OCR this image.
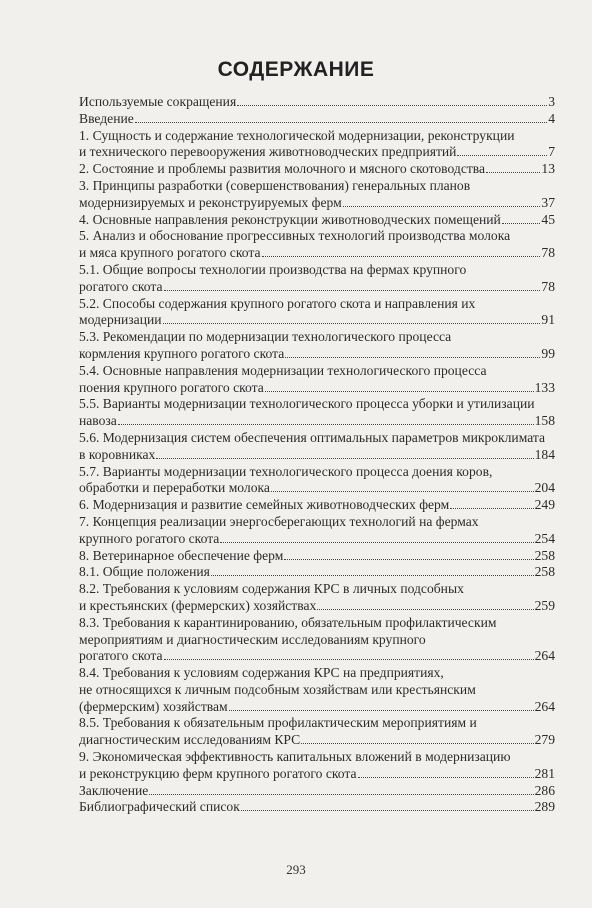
СОДЕРЖАНИЕ
Используемые сокращения	3
Введение	4
1. Сущность и содержание технологической модернизации, реконструкции
и технического перевооружения животноводческих предприятий	7
2. Состояние и проблемы развития молочного и мясного скотоводства	13
3. Принципы разработки (совершенствования) генеральных планов
модернизируемых и реконструируемых ферм	37
4. Основные направления реконструкции животноводческих помещений	45
5. Анализ и обоснование прогрессивных технологий производства молока
и мяса крупного рогатого скота	78
5.1. Общие вопросы технологии производства на фермах крупного
рогатого скота	78
5.2. Способы содержания крупного рогатого скота и направления их
модернизации	91
5.3. Рекомендации по модернизации технологического процесса
кормления крупного рогатого скота	99
5.4. Основные направления модернизации технологического процесса
поения крупного рогатого скота	133
5.5. Варианты модернизации технологического процесса уборки и утилизации
навоза	158
5.6. Модернизация систем обеспечения оптимальных параметров микроклимата
в коровниках	184
5.7. Варианты модернизации технологического процесса доения коров,
обработки и переработки молока	204
6. Модернизация и развитие семейных животноводческих ферм	249
7. Концепция реализации энергосберегающих технологий на фермах
крупного рогатого скота	254
8. Ветеринарное обеспечение ферм	258
8.1. Общие положения	258
8.2. Требования к условиям содержания КРС в личных подсобных
и крестьянских (фермерских) хозяйствах	259
8.3. Требования к карантинированию, обязательным профилактическим
мероприятиям и диагностическим исследованиям крупного
рогатого скота	264
8.4. Требования к условиям содержания КРС на предприятиях,
не относящихся к личным подсобным хозяйствам или крестьянским
(фермерским) хозяйствам	264
8.5. Требования к обязательным профилактическим мероприятиям и
диагностическим исследованиям КРС	279
9. Экономическая эффективность капитальных вложений в модернизацию
и реконструкцию ферм крупного рогатого скота	281
Заключение	286
Библиографический список	289
293
